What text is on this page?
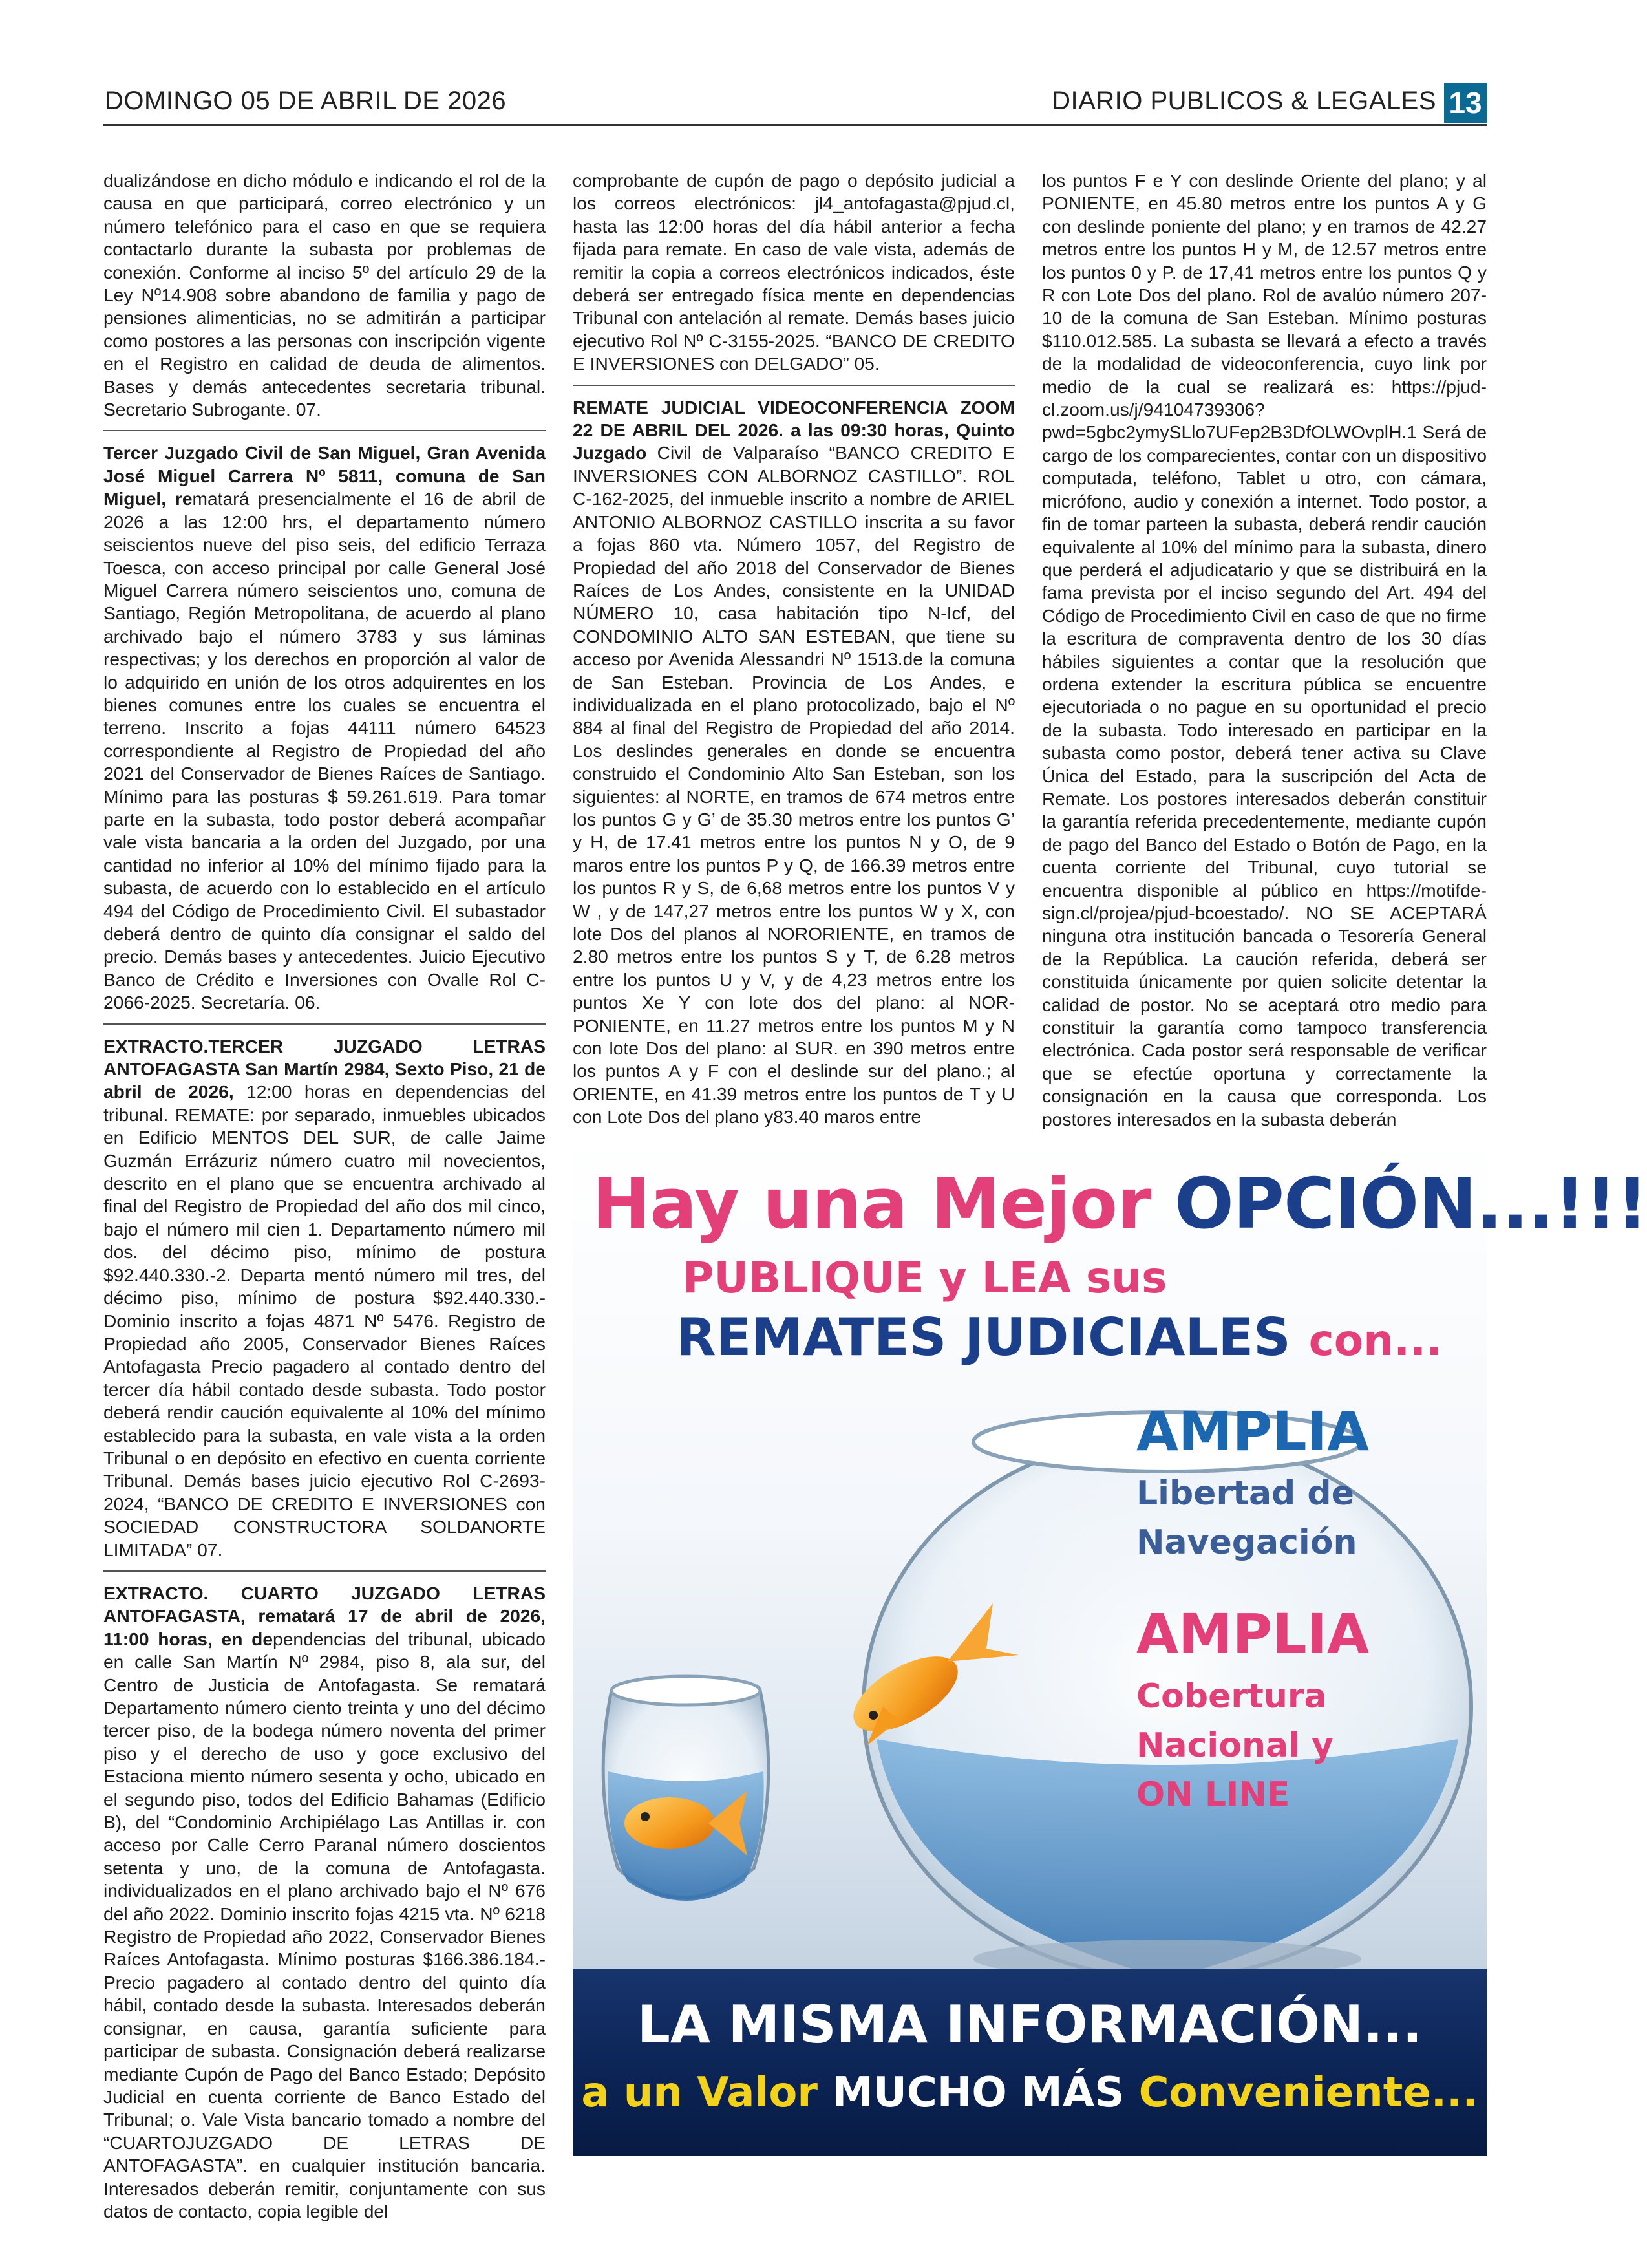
DOMINGO 05 DE ABRIL DE 2026	DIARIO PUBLICOS & LEGALES 13

dualizándose en dicho módulo e indicando el rol de la causa en que participará, correo electrónico y un número telefónico para el caso en que se requiera contactarlo durante la subasta por problemas de conexión. Conforme al inciso 5º del artículo 29 de la Ley Nº14.908 sobre abandono de familia y pago de pensiones alimenticias, no se admitirán a participar como postores a las personas con inscripción vigente en el Registro en calidad de deuda de alimentos. Bases y demás antecedentes secretaria tribunal. Secretario Subrogante. 07.

Tercer Juzgado Civil de San Miguel, Gran Avenida José Miguel Carrera Nº 5811, comuna de San Miguel, rematará presencialmente el 16 de abril de 2026 a las 12:00 hrs, el departamento número seiscientos nueve del piso seis, del edificio Terraza Toesca, con acceso principal por calle General José Miguel Carrera número seiscientos uno, comuna de Santiago, Región Metropolitana, de acuerdo al plano archivado bajo el número 3783 y sus láminas respectivas; y los derechos en proporción al valor de lo adquirido en unión de los otros adquirentes en los bienes comunes entre los cuales se encuentra el terreno. Inscrito a fojas 44111 número 64523 correspondiente al Registro de Propiedad del año 2021 del Conservador de Bienes Raíces de Santiago. Mínimo para las posturas $ 59.261.619. Para tomar parte en la subasta, todo postor deberá acompañar vale vista bancaria a la orden del Juzgado, por una cantidad no inferior al 10% del mínimo fijado para la subasta, de acuerdo con lo establecido en el artículo 494 del Código de Procedimiento Civil. El subastador deberá dentro de quinto día consignar el saldo del precio. Demás bases y antecedentes. Juicio Ejecutivo Banco de Crédito e Inversiones con Ovalle Rol C-2066-2025. Secretaría. 06.

EXTRACTO.TERCER JUZGADO LETRAS ANTOFAGASTA San Martín 2984, Sexto Piso, 21 de abril de 2026, 12:00 horas en dependencias del tribunal. REMATE: por separado, inmuebles ubicados en Edificio MENTOS DEL SUR, de calle Jaime Guzmán Errázuriz número cuatro mil novecientos, descrito en el plano que se encuentra archivado al final del Registro de Propiedad del año dos mil cinco, bajo el número mil cien 1. Departamento número mil dos. del décimo piso, mínimo de postura $92.440.330.-2. Departa mentó número mil tres, del décimo piso, mínimo de postura $92.440.330.- Dominio inscrito a fojas 4871 Nº 5476. Registro de Propiedad año 2005, Conservador Bienes Raíces Antofagasta Precio pagadero al contado dentro del tercer día hábil contado desde subasta. Todo postor deberá rendir caución equivalente al 10% del mínimo establecido para la subasta, en vale vista a la orden Tribunal o en depósito en efectivo en cuenta corriente Tribunal. Demás bases juicio ejecutivo Rol C-2693-2024, “BANCO DE CREDITO E INVERSIONES con SOCIEDAD CONSTRUCTORA SOLDANORTE LIMITADA” 07.

EXTRACTO. CUARTO JUZGADO LETRAS ANTOFAGASTA, rematará 17 de abril de 2026, 11:00 horas, en dependencias del tribunal, ubicado en calle San Martín Nº 2984, piso 8, ala sur, del Centro de Justicia de Antofagasta. Se rematará Departamento número ciento treinta y uno del décimo tercer piso, de la bodega número noventa del primer piso y el derecho de uso y goce exclusivo del Estaciona miento número sesenta y ocho, ubicado en el segundo piso, todos del Edificio Bahamas (Edificio B), del “Condominio Archipiélago Las Antillas ir. con acceso por Calle Cerro Paranal número doscientos setenta y uno, de la comuna de Antofagasta. individualizados en el plano archivado bajo el Nº 676 del año 2022. Dominio inscrito fojas 4215 vta. Nº 6218 Registro de Propiedad año 2022, Conservador Bienes Raíces Antofagasta. Mínimo posturas $166.386.184.- Precio pagadero al contado dentro del quinto día hábil, contado desde la subasta. Interesados deberán consignar, en causa, garantía suficiente para participar de subasta. Consignación deberá realizarse mediante Cupón de Pago del Banco Estado; Depósito Judicial en cuenta corriente de Banco Estado del Tribunal; o. Vale Vista bancario tomado a nombre del “CUARTOJUZGADO DE LETRAS DE ANTOFAGASTA”. en cualquier institución bancaria. Interesados deberán remitir, conjuntamente con sus datos de contacto, copia legible del

comprobante de cupón de pago o depósito judicial a los correos electrónicos: jl4_antofagasta@pjud.cl, hasta las 12:00 horas del día hábil anterior a fecha fijada para remate. En caso de vale vista, además de remitir la copia a correos electrónicos indicados, éste deberá ser entregado física mente en dependencias Tribunal con antelación al remate. Demás bases juicio ejecutivo Rol Nº C-3155-2025. “BANCO DE CREDITO E INVERSIONES con DELGADO” 05.

REMATE JUDICIAL VIDEOCONFERENCIA ZOOM 22 DE ABRIL DEL 2026. a las 09:30 horas, Quinto Juzgado Civil de Valparaíso “BANCO CREDITO E INVERSIONES CON ALBORNOZ CASTILLO”. ROL C-162-2025, del inmueble inscrito a nombre de ARIEL ANTONIO ALBORNOZ CASTILLO inscrita a su favor a fojas 860 vta. Número 1057, del Registro de Propiedad del año 2018 del Conservador de Bienes Raíces de Los Andes, consistente en la UNIDAD NÚMERO 10, casa habitación tipo N-Icf, del CONDOMINIO ALTO SAN ESTEBAN, que tiene su acceso por Avenida Alessandri Nº 1513.de la comuna de San Esteban. Provincia de Los Andes, e individualizada en el plano protocolizado, bajo el Nº 884 al final del Registro de Propiedad del año 2014. Los deslindes generales en donde se encuentra construido el Condominio Alto San Esteban, son los siguientes: al NORTE, en tramos de 674 metros entre los puntos G y G’ de 35.30 metros entre los puntos G’ y H, de 17.41 metros entre los puntos N y O, de 9 maros entre los puntos P y Q, de 166.39 metros entre los puntos R y S, de 6,68 metros entre los puntos V y W , y de 147,27 metros entre los puntos W y X, con lote Dos del planos al NORORIENTE, en tramos de 2.80 metros entre los puntos S y T, de 6.28 metros entre los puntos U y V, y de 4,23 metros entre los puntos Xe Y con lote dos del plano: al NOR-PONIENTE, en 11.27 metros entre los puntos M y N con lote Dos del plano: al SUR. en 390 metros entre los puntos A y F con el deslinde sur del plano.; al ORIENTE, en 41.39 metros entre los puntos de T y U con Lote Dos del plano y83.40 maros entre

los puntos F e Y con deslinde Oriente del plano; y al PONIENTE, en 45.80 metros entre los puntos A y G con deslinde poniente del plano; y en tramos de 42.27 metros entre los puntos H y M, de 12.57 metros entre los puntos 0 y P. de 17,41 metros entre los puntos Q y R con Lote Dos del plano. Rol de avalúo número 207-10 de la comuna de San Esteban. Mínimo posturas $110.012.585. La subasta se llevará a efecto a través de la modalidad de videoconferencia, cuyo link por medio de la cual se realizará es: https://pjud-cl.zoom.us/j/94104739306?pwd=5gbc2ymySLlo7UFep2B3DfOLWOvplH.1 Será de cargo de los comparecientes, contar con un dispositivo computada, teléfono, Tablet u otro, con cámara, micrófono, audio y conexión a internet. Todo postor, a fin de tomar parteen la subasta, deberá rendir caución equivalente al 10% del mínimo para la subasta, dinero que perderá el adjudicatario y que se distribuirá en la fama prevista por el inciso segundo del Art. 494 del Código de Procedimiento Civil en caso de que no firme la escritura de compraventa dentro de los 30 días hábiles siguientes a contar que la resolución que ordena extender la escritura pública se encuentre ejecutoriada o no pague en su oportunidad el precio de la subasta. Todo interesado en participar en la subasta como postor, deberá tener activa su Clave Única del Estado, para la suscripción del Acta de Remate. Los postores interesados deberán constituir la garantía referida precedentemente, mediante cupón de pago del Banco del Estado o Botón de Pago, en la cuenta corriente del Tribunal, cuyo tutorial se encuentra disponible al público en https://motifde-sign.cl/projea/pjud-bcoestado/. NO SE ACEPTARÁ ninguna otra institución bancada o Tesorería General de la República. La caución referida, deberá ser constituida únicamente por quien solicite detentar la calidad de postor. No se aceptará otro medio para constituir la garantía como tampoco transferencia electrónica. Cada postor será responsable de verificar que se efectúe oportuna y correctamente la consignación en la causa que corresponda. Los postores interesados en la subasta deberán

Hay una Mejor OPCIÓN...!!!
PUBLIQUE y LEA sus
REMATES JUDICIALES con...
AMPLIA
Libertad de
Navegación
AMPLIA
Cobertura
Nacional y
ON LINE
LA MISMA INFORMACIÓN...
a un Valor MUCHO MÁS Conveniente...
